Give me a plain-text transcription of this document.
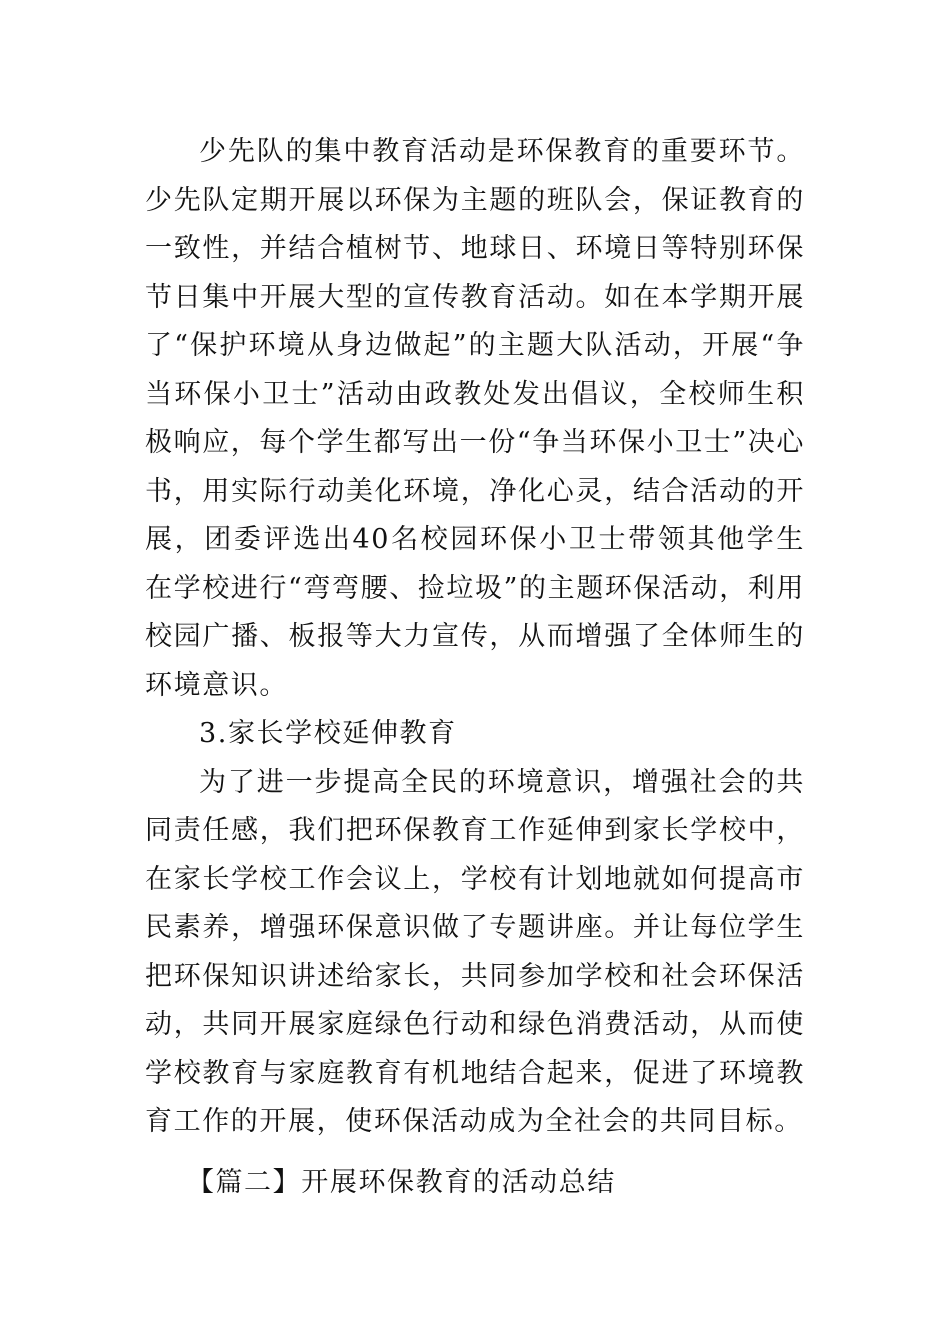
少先队的集中教育活动是环保教育的重要环节。少先队定期开展以环保为主题的班队会，保证教育的一致性，并结合植树节、地球日、环境日等特别环保节日集中开展大型的宣传教育活动。如在本学期开展了“保护环境从身边做起”的主题大队活动，开展“争当环保小卫士”活动由政教处发出倡议，全校师生积极响应，每个学生都写出一份“争当环保小卫士”决心书，用实际行动美化环境，净化心灵，结合活动的开展，团委评选出40名校园环保小卫士带领其他学生在学校进行“弯弯腰、捡垃圾”的主题环保活动，利用校园广播、板报等大力宣传，从而增强了全体师生的环境意识。

3.家长学校延伸教育

为了进一步提高全民的环境意识，增强社会的共同责任感，我们把环保教育工作延伸到家长学校中，在家长学校工作会议上，学校有计划地就如何提高市民素养，增强环保意识做了专题讲座。并让每位学生把环保知识讲述给家长，共同参加学校和社会环保活动，共同开展家庭绿色行动和绿色消费活动，从而使学校教育与家庭教育有机地结合起来，促进了环境教育工作的开展，使环保活动成为全社会的共同目标。

【篇二】开展环保教育的活动总结
